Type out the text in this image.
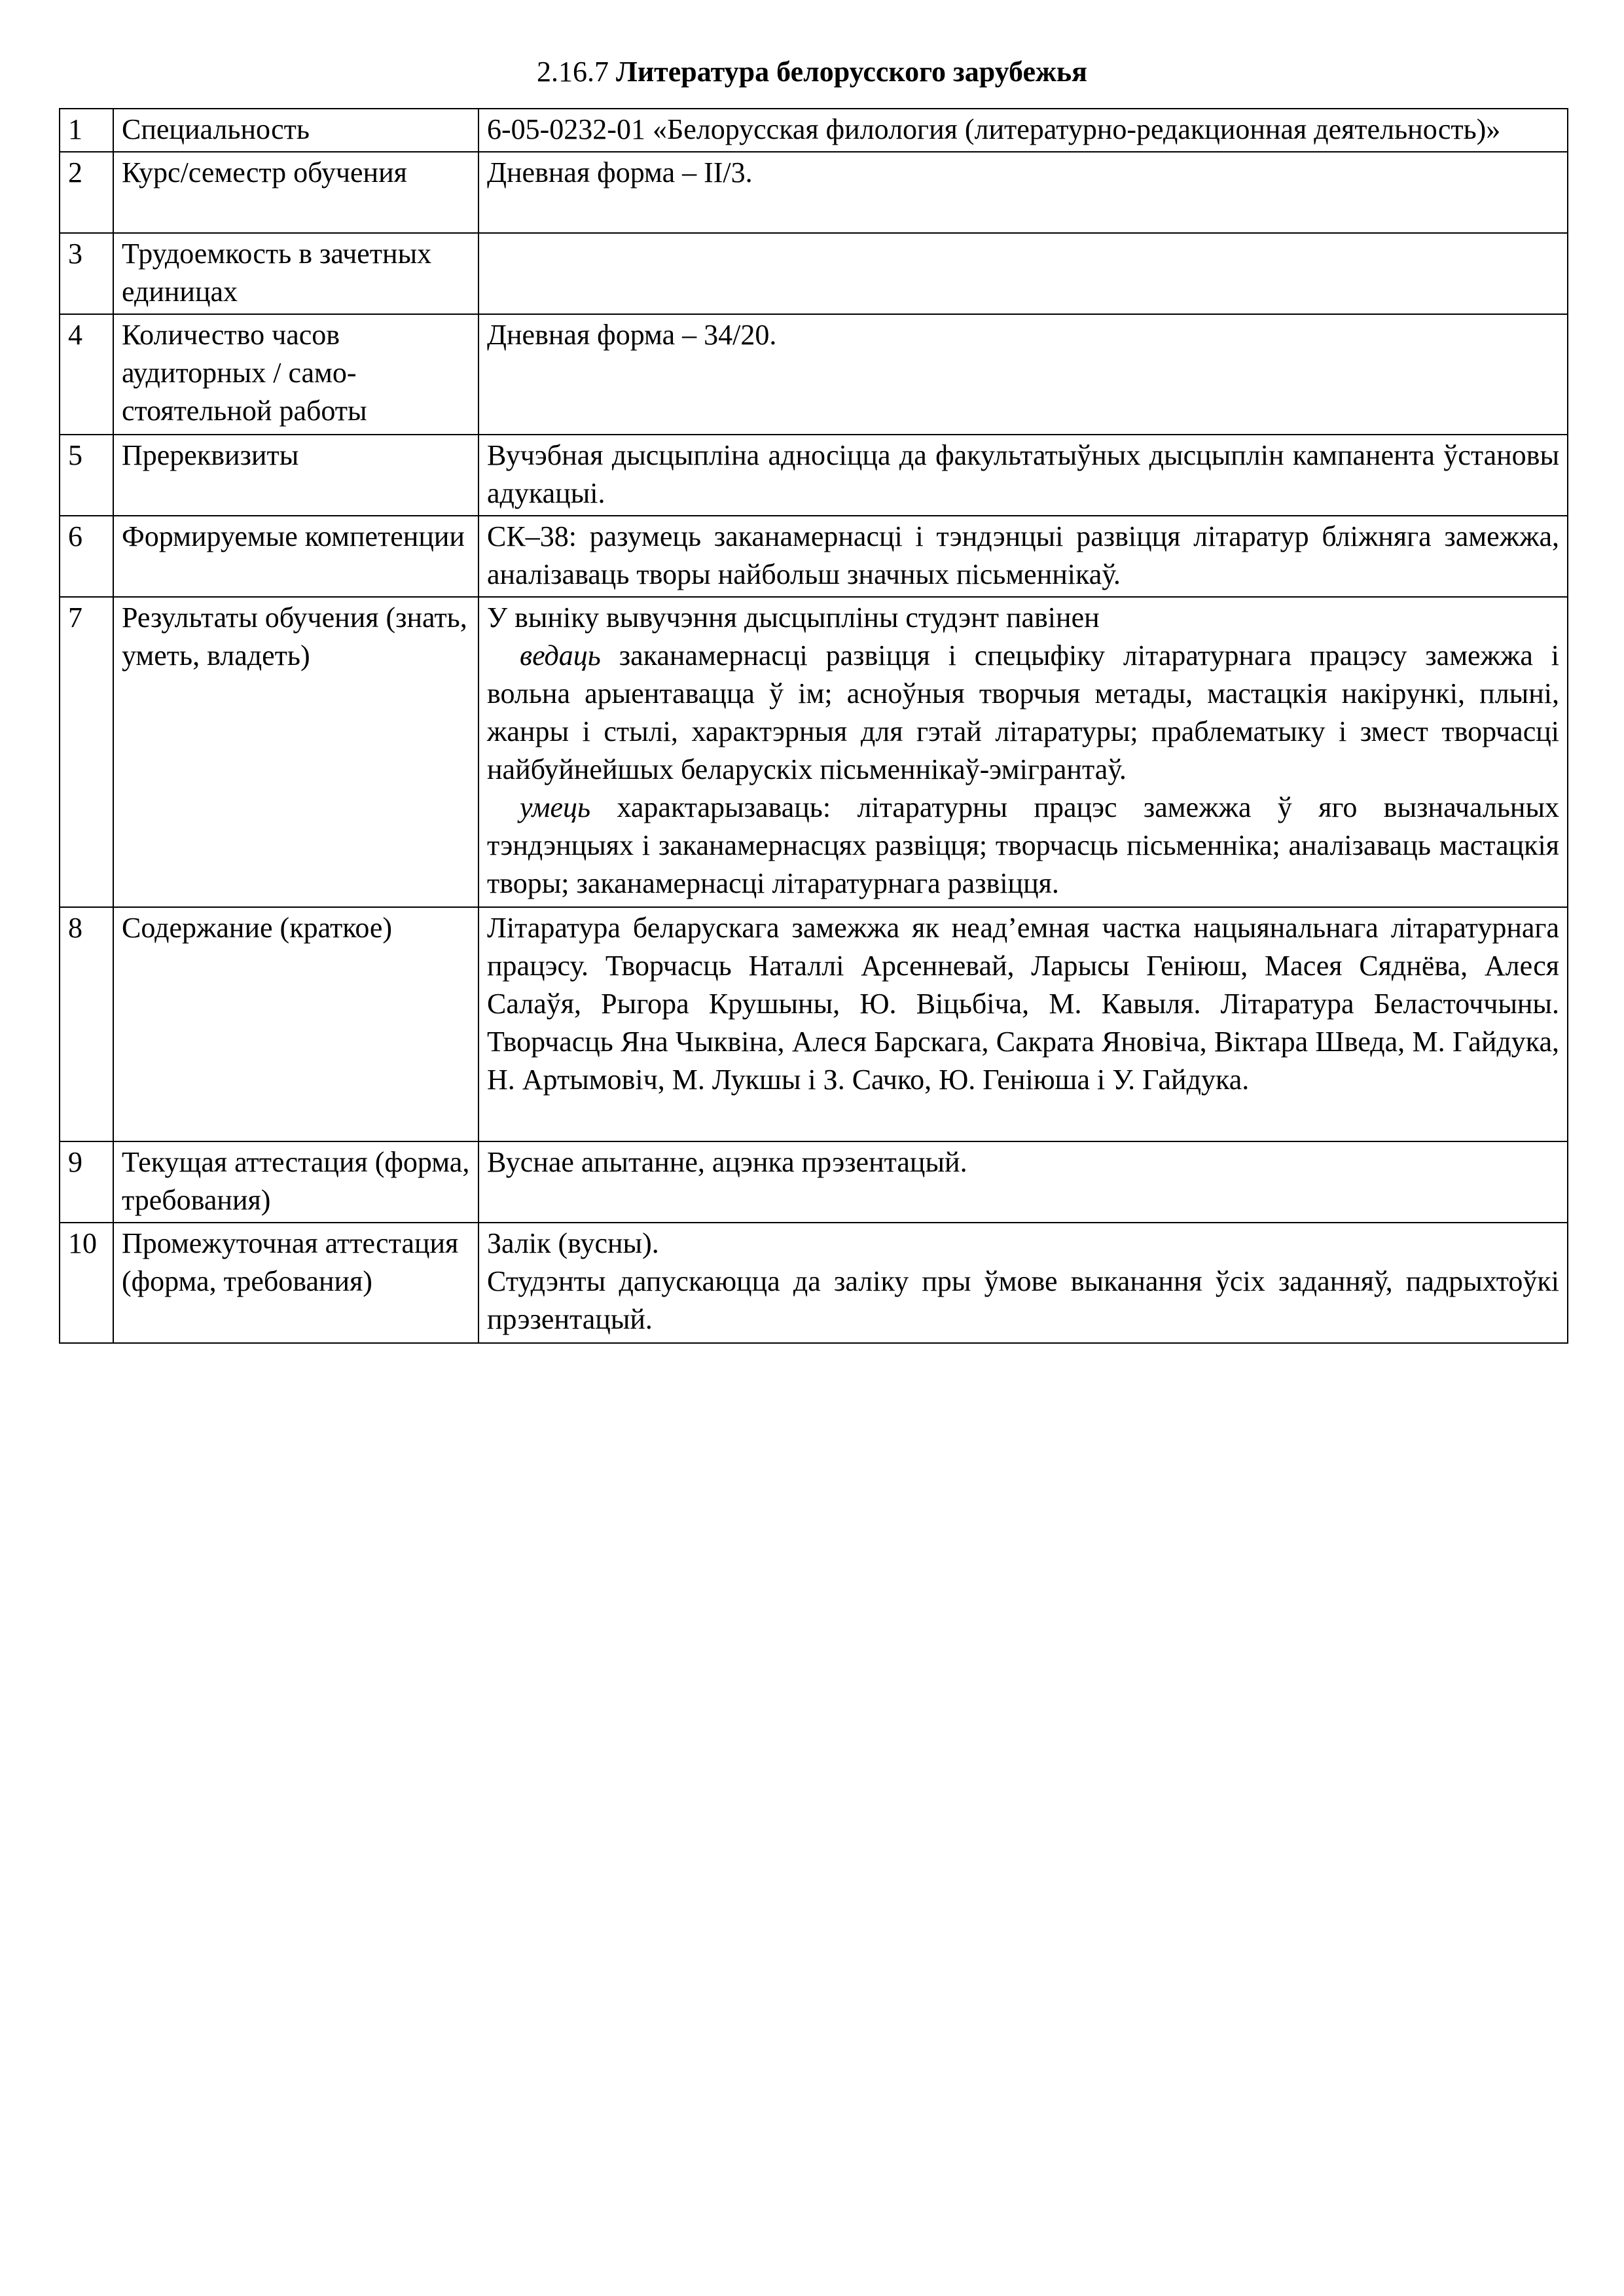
2.16.7 Литература белорусского зарубежья
1	Специальность	6-05-0232-01 «Белорусская филология (литературно-редакционная деятельность)»
2	Курс/семестр обучения	Дневная форма – II/3.
3	Трудоемкость в зачетных единицах	
4	Количество часов аудиторных / само-стоятельной работы	Дневная форма – 34/20.
5	Пререквизиты	Вучэбная дысцыпліна адносіцца да факультатыўных дысцыплін кампанента ўстановы адукацыі.
6	Формируемые компетенции	СК–38: разумець заканамернасці і тэндэнцыі развіцця літаратур бліжняга замежжа, аналізаваць творы найбольш значных пісьменнікаў.
7	Результаты обучения (знать, уметь, владеть)	У выніку вывучэння дысцыпліны студэнт павінен

ведаць заканамернасці развіцця і спецыфіку літаратурнага працэсу замежжа і вольна арыентавацца ў ім; асноўныя творчыя метады, мастацкія накірункі, плыні, жанры і стылі, характэрныя для гэтай літаратуры; праблематыку і змест творчасці найбуйнейшых беларускіх пісьменнікаў-эмігрантаў.

умець характарызаваць: літаратурны працэс замежжа ў яго вызначальных тэндэнцыях і заканамернасцях развіцця; творчасць пісьменніка; аналізаваць мастацкія творы; заканамернасці літаратурнага развіцця.

8	Содержание (краткое)	Літаратура беларускага замежжа як неад’емная частка нацыянальнага літаратурнага працэсу. Творчасць Наталлі Арсенневай, Ларысы Геніюш, Масея Сяднёва, Алеся Салаўя, Рыгора Крушыны, Ю. Віцьбіча, М. Кавыля. Літаратура Беласточчыны. Творчасць Яна Чыквіна, Алеся Барскага, Сакрата Яновіча, Віктара Шведа, М. Гайдука, Н. Артымовіч, М. Лукшы і З. Сачко, Ю. Геніюша і У. Гайдука.
9	Текущая аттестация (форма, требования)	Вуснае апытанне, ацэнка прэзентацый.
10	Промежуточная аттестация (форма, требования)	Залік (вусны).

Студэнты дапускаюцца да заліку пры ўмове выканання ўсіх заданняў, падрыхтоўкі прэзентацый.
